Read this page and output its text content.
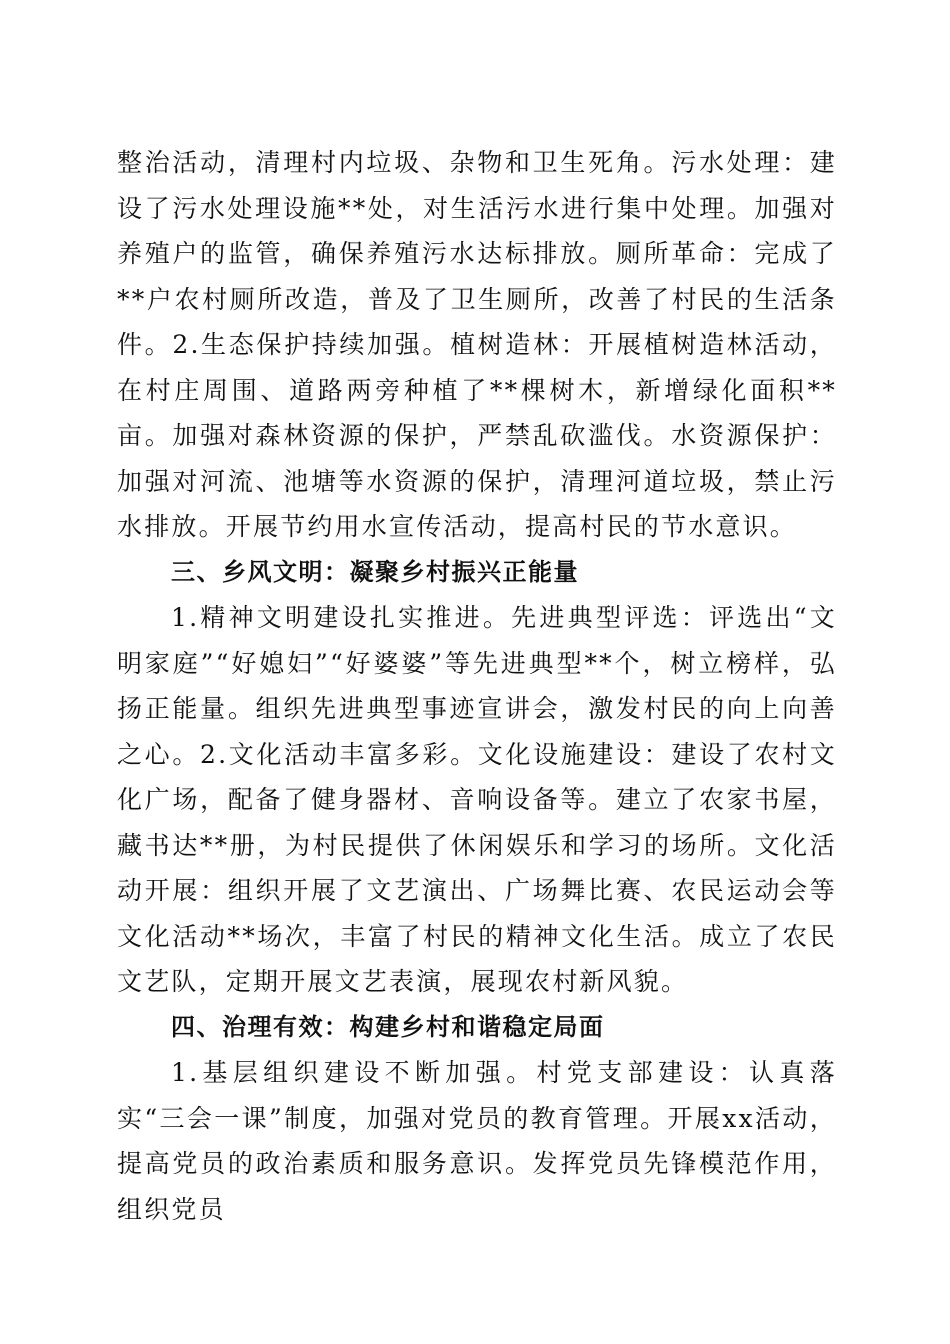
整治活动，清理村内垃圾、杂物和卫生死角。污水处理：建设了污水处理设施**处，对生活污水进行集中处理。加强对养殖户的监管，确保养殖污水达标排放。厕所革命：完成了**户农村厕所改造，普及了卫生厕所，改善了村民的生活条件。2.生态保护持续加强。植树造林：开展植树造林活动，在村庄周围、道路两旁种植了**棵树木，新增绿化面积**亩。加强对森林资源的保护，严禁乱砍滥伐。水资源保护：加强对河流、池塘等水资源的保护，清理河道垃圾，禁止污水排放。开展节约用水宣传活动，提高村民的节水意识。

三、乡风文明：凝聚乡村振兴正能量

1.精神文明建设扎实推进。先进典型评选：评选出“文明家庭”“好媳妇”“好婆婆”等先进典型**个，树立榜样，弘扬正能量。组织先进典型事迹宣讲会，激发村民的向上向善之心。2.文化活动丰富多彩。文化设施建设：建设了农村文化广场，配备了健身器材、音响设备等。建立了农家书屋，藏书达**册，为村民提供了休闲娱乐和学习的场所。文化活动开展：组织开展了文艺演出、广场舞比赛、农民运动会等文化活动**场次，丰富了村民的精神文化生活。成立了农民文艺队，定期开展文艺表演，展现农村新风貌。

四、治理有效：构建乡村和谐稳定局面

1.基层组织建设不断加强。村党支部建设：认真落实“三会一课”制度，加强对党员的教育管理。开展xx活动，提高党员的政治素质和服务意识。发挥党员先锋模范作用，组织党员
